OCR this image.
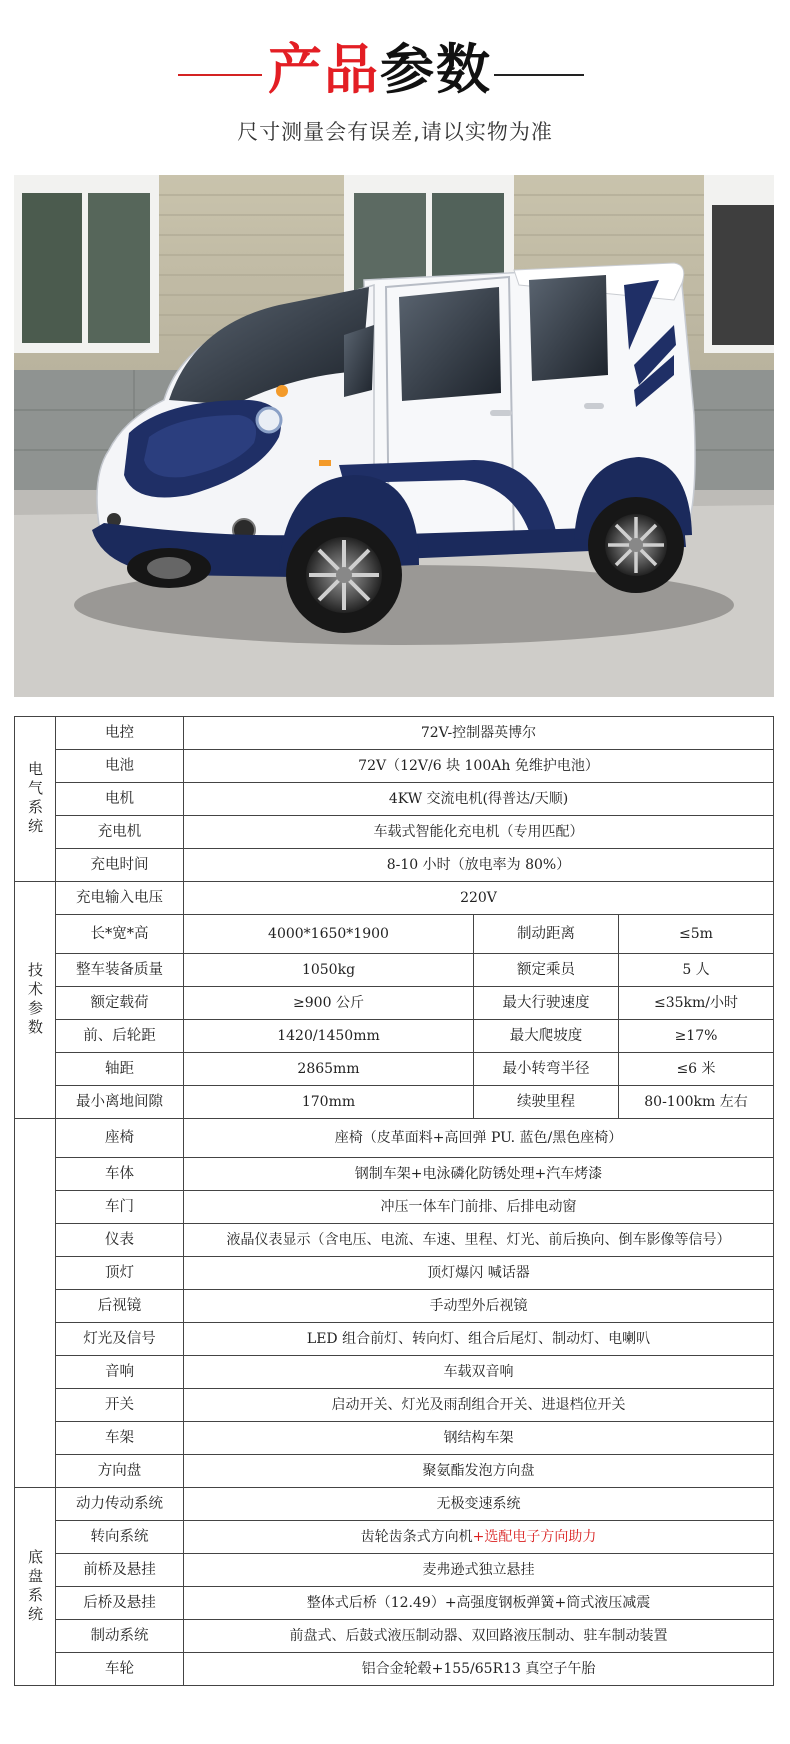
产品参数
尺寸测量会有误差,请以实物为准
电气系统	电控	72V-控制器英博尔		
	电池	72V（12V/6 块 100Ah 免维护电池）		
	电机	4KW 交流电机(得普达/天顺)		
	充电机	车载式智能化充电机（专用匹配）		
	充电时间	8-10 小时（放电率为 80%）		
技术参数	充电输入电压	220V		
	长*宽*高	4000*1650*1900	制动距离	≤5m
	整车装备质量	1050kg	额定乘员	5 人
	额定载荷	≥900 公斤	最大行驶速度	≤35km/小时
	前、后轮距	1420/1450mm	最大爬坡度	≥17%
	轴距	2865mm	最小转弯半径	≤6 米
	最小离地间隙	170mm	续驶里程	80-100km 左右
	座椅	座椅（皮革面料+高回弹 PU. 蓝色/黑色座椅）		
	车体	钢制车架+电泳磷化防锈处理+汽车烤漆		
	车门	冲压一体车门前排、后排电动窗		
	仪表	液晶仪表显示（含电压、电流、车速、里程、灯光、前后换向、倒车影像等信号）		
	顶灯	顶灯爆闪 喊话器		
	后视镜	手动型外后视镜		
	灯光及信号	LED 组合前灯、转向灯、组合后尾灯、制动灯、电喇叭		
	音响	车载双音响		
	开关	启动开关、灯光及雨刮组合开关、进退档位开关		
	车架	钢结构车架		
	方向盘	聚氨酯发泡方向盘		
底盘系统	动力传动系统	无极变速系统		
	转向系统	齿轮齿条式方向机+选配电子方向助力		
	前桥及悬挂	麦弗逊式独立悬挂		
	后桥及悬挂	整体式后桥（12.49）+高强度钢板弹簧+筒式液压减震		
	制动系统	前盘式、后鼓式液压制动器、双回路液压制动、驻车制动装置		
	车轮	铝合金轮毂+155/65R13 真空子午胎		
